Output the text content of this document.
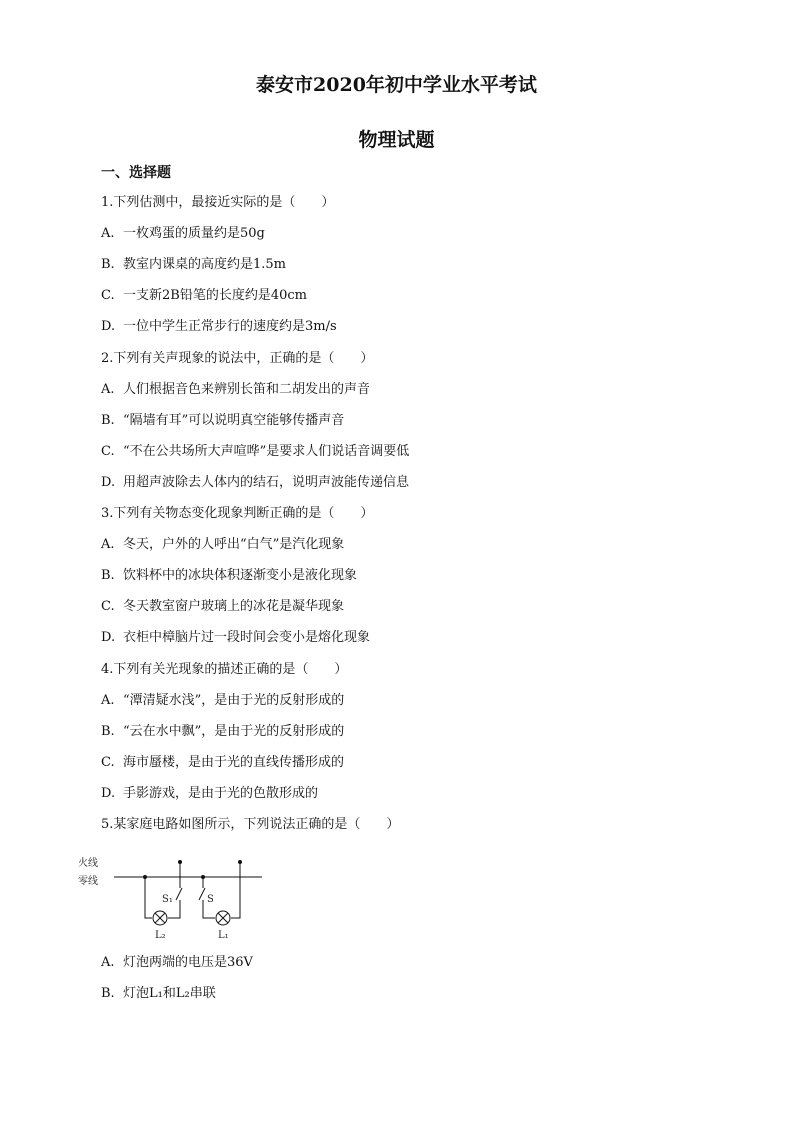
泰安市2020年初中学业水平考试
物理试题
一、选择题
1.下列估测中，最接近实际的是（　　）
A. 一枚鸡蛋的质量约是50g
B. 教室内课桌的高度约是1.5m
C. 一支新2B铅笔的长度约是40cm
D. 一位中学生正常步行的速度约是3m/s
2.下列有关声现象的说法中，正确的是（　　）
A. 人们根据音色来辨别长笛和二胡发出的声音
B. “隔墙有耳”可以说明真空能够传播声音
C. “不在公共场所大声喧哗”是要求人们说话音调要低
D. 用超声波除去人体内的结石，说明声波能传递信息
3.下列有关物态变化现象判断正确的是（　　）
A. 冬天，户外的人呼出“白气”是汽化现象
B. 饮料杯中的冰块体积逐渐变小是液化现象
C. 冬天教室窗户玻璃上的冰花是凝华现象
D. 衣柜中樟脑片过一段时间会变小是熔化现象
4.下列有关光现象的描述正确的是（　　）
A. “潭清疑水浅”，是由于光的反射形成的
B. “云在水中飘”，是由于光的反射形成的
C. 海市蜃楼，是由于光的直线传播形成的
D. 手影游戏，是由于光的色散形成的
5.某家庭电路如图所示，下列说法正确的是（　　）
A. 灯泡两端的电压是36V
B. 灯泡L₁和L₂串联
火线
零线
S₁	S
L₂	L₁
